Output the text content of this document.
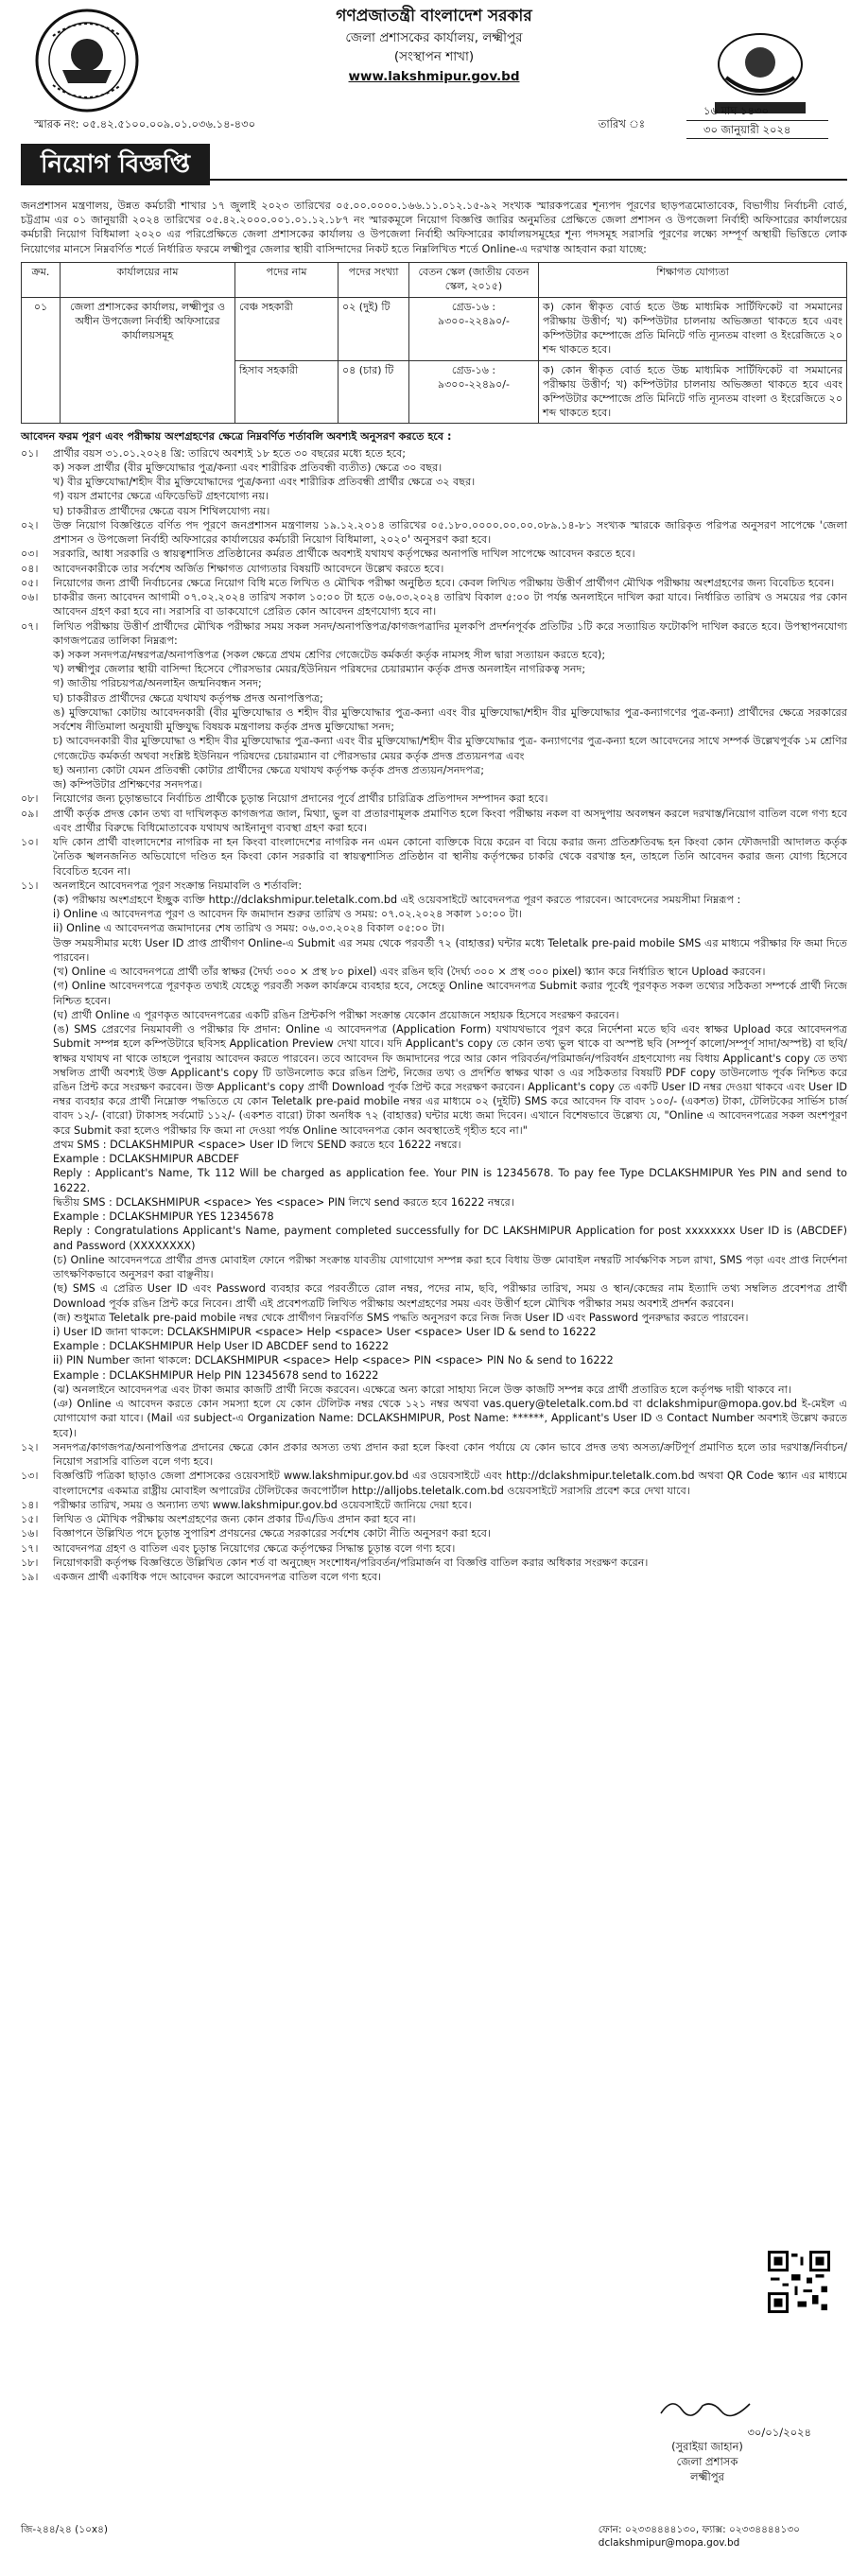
গণপ্রজাতন্ত্রী বাংলাদেশ সরকার
জেলা প্রশাসকের কার্যালয়, লক্ষ্মীপুর
(সংস্থাপন শাখা)
www.lakshmipur.gov.bd
স্মারক নং: ০৫.৪২.৫১০০.০০৯.০১.০৩৬.১৪-৪৩০	তারিখ ঃ
১৬ মাঘ ১৪৩০
৩০ জানুয়ারী ২০২৪
নিয়োগ বিজ্ঞপ্তি
জনপ্রশাসন মন্ত্রণালয়, উন্নত কর্মচারী শাখার ১৭ জুলাই ২০২৩ তারিখের ০৫.০০.০০০০.১৬৬.১১.০১২.১৫-৯২ সংখ্যক স্মারকপত্রের শূন্যপদ পূরণের ছাড়পত্রমোতাবেক, বিভাগীয় নির্বাচনী বোর্ড, চট্টগ্রাম এর ০১ জানুয়ারী ২০২৪ তারিখের ০৫.৪২.২০০০.০০১.০১.১২.১৮৭ নং স্মারকমূলে নিয়োগ বিজ্ঞপ্তি জারির অনুমতির প্রেক্ষিতে জেলা প্রশাসন ও উপজেলা নির্বাহী অফিসারের কার্যালয়ের কর্মচারী নিয়োগ বিধিমালা ২০২০ এর পরিপ্রেক্ষিতে জেলা প্রশাসকের কার্যালয় ও উপজেলা নির্বাহী অফিসারের কার্যালয়সমূহের শূন্য পদসমূহ সরাসরি পূরণের লক্ষ্যে সম্পূর্ণ অস্থায়ী ভিত্তিতে লোক নিয়োগের মানসে নিম্নবর্ণিত শর্তে নির্ধারিত ফরমে লক্ষ্মীপুর জেলার স্থায়ী বাসিন্দাদের নিকট হতে নিম্নলিখিত শর্তে Online-এ দরখাস্ত আহবান করা যাচ্ছে:
ক্রম.	কার্যালয়ের নাম	পদের নাম	পদের সংখ্যা	বেতন স্কেল (জাতীয় বেতন স্কেল, ২০১৫)	শিক্ষাগত যোগ্যতা
০১	জেলা প্রশাসকের কার্যালয়, লক্ষ্মীপুর ও অধীন উপজেলা নির্বাহী অফিসারের কার্যালয়সমূহ	বেঞ্চ সহকারী	০২ (দুই) টি	গ্রেড-১৬ :
৯৩০০-২২৪৯০/-	ক) কোন স্বীকৃত বোর্ড হতে উচ্চ মাধ্যমিক সার্টিফিকেট বা সমমানের পরীক্ষায় উত্তীর্ণ; খ) কম্পিউটার চালনায় অভিজ্ঞতা থাকতে হবে এবং কম্পিউটার কম্পোজে প্রতি মিনিটে গতি ন্যূনতম বাংলা ও ইংরেজিতে ২০ শব্দ থাকতে হবে।
		হিসাব সহকারী	০৪ (চার) টি	গ্রেড-১৬ :
৯৩০০-২২৪৯০/-	ক) কোন স্বীকৃত বোর্ড হতে উচ্চ মাধ্যমিক সার্টিফিকেট বা সমমানের পরীক্ষায় উত্তীর্ণ; খ) কম্পিউটার চালনায় অভিজ্ঞতা থাকতে হবে এবং কম্পিউটার কম্পোজে প্রতি মিনিটে গতি ন্যূনতম বাংলা ও ইংরেজিতে ২০ শব্দ থাকতে হবে।
আবেদন ফরম পূরণ এবং পরীক্ষায় অংশগ্রহণের ক্ষেত্রে নিম্নবর্ণিত শর্তাবলি অবশ্যই অনুসরণ করতে হবে :
০১।	প্রার্থীর বয়স ৩১.০১.২০২৪ খ্রি: তারিখে অবশ্যই ১৮ হতে ৩০ বছরের মধ্যে হতে হবে;
ক) সকল প্রার্থীর (বীর মুক্তিযোদ্ধার পুত্র/কন্যা এবং শারীরিক প্রতিবন্ধী ব্যতীত) ক্ষেত্রে ৩০ বছর।
খ) বীর মুক্তিযোদ্ধা/শহীদ বীর মুক্তিযোদ্ধাদের পুত্র/কন্যা এবং শারীরিক প্রতিবন্ধী প্রার্থীর ক্ষেত্রে ৩২ বছর।
গ) বয়স প্রমাণের ক্ষেত্রে এফিডেভিট গ্রহণযোগ্য নয়।
ঘ) চাকরীরত প্রার্থীদের ক্ষেত্রে বয়স শিথিলযোগ্য নয়।
০২।	উক্ত নিয়োগ বিজ্ঞপ্তিতে বর্ণিত পদ পূরণে জনপ্রশাসন মন্ত্রণালয় ১৯.১২.২০১৪ তারিখের ০৫.১৮০.০০০০.০০.০০.০৮৯.১৪-৮১ সংখ্যক স্মারকে জারিকৃত পরিপত্র অনুসরণ সাপেক্ষে 'জেলা প্রশাসন ও উপজেলা নির্বাহী অফিসারের কার্যালয়ের কর্মচারী নিয়োগ বিধিমালা, ২০২০' অনুসরণ করা হবে।
০৩।	সরকারি, আধা সরকারি ও স্বায়ত্বশাসিত প্রতিষ্ঠানের কর্মরত প্রার্থীকে অবশ্যই যথাযথ কর্তৃপক্ষের অনাপত্তি দাখিল সাপেক্ষে আবেদন করতে হবে।
০৪।	আবেদনকারীকে তার সর্বশেষ অর্জিত শিক্ষাগত যোগ্যতার বিষয়টি আবেদনে উল্লেখ করতে হবে।
০৫।	নিয়োগের জন্য প্রার্থী নির্বাচনের ক্ষেত্রে নিয়োগ বিধি মতে লিখিত ও মৌখিক পরীক্ষা অনুষ্ঠিত হবে। কেবল লিখিত পরীক্ষায় উত্তীর্ণ প্রার্থীগণ মৌখিক পরীক্ষায় অংশগ্রহণের জন্য বিবেচিত হবেন।
০৬।	চাকরীর জন্য আবেদন আগামী ০৭.০২.২০২৪ তারিখ সকাল ১০:০০ টা হতে ০৬.০৩.২০২৪ তারিখ বিকাল ৫:০০ টা পর্যন্ত অনলাইনে দাখিল করা যাবে। নির্ধারিত তারিখ ও সময়ের পর কোন আবেদন গ্রহণ করা হবে না। সরাসরি বা ডাকযোগে প্রেরিত কোন আবেদন গ্রহণযোগ্য হবে না।
০৭।	লিখিত পরীক্ষায় উত্তীর্ণ প্রার্থীদের মৌখিক পরীক্ষার সময় সকল সনদ/অনাপত্তিপত্র/কাগজপত্রাদির মূলকপি প্রদর্শনপূর্বক প্রতিটির ১টি করে সত্যায়িত ফটোকপি দাখিল করতে হবে। উপস্থাপনযোগ্য কাগজপত্রের তালিকা নিম্নরূপ:
ক) সকল সনদপত্র/নম্বরপত্র/অনাপত্তিপত্র (সকল ক্ষেত্রে প্রথম শ্রেণির গেজেটেড কর্মকর্তা কর্তৃক নামসহ সীল দ্বারা সত্যায়ন করতে হবে);
খ) লক্ষ্মীপুর জেলার স্থায়ী বাসিন্দা হিসেবে পৌরসভার মেয়র/ইউনিয়ন পরিষদের চেয়ারম্যান কর্তৃক প্রদত্ত অনলাইন নাগরিকত্ব সনদ;
গ) জাতীয় পরিচয়পত্র/অনলাইন জন্মনিবন্ধন সনদ;
ঘ) চাকরীরত প্রার্থীদের ক্ষেত্রে যথাযথ কর্তৃপক্ষ প্রদত্ত অনাপত্তিপত্র;
ঙ) মুক্তিযোদ্ধা কোটায় আবেদনকারী (বীর মুক্তিযোদ্ধার ও শহীদ বীর মুক্তিযোদ্ধার পুত্র-কন্যা এবং বীর মুক্তিযোদ্ধা/শহীদ বীর মুক্তিযোদ্ধার পুত্র-কন্যাগণের পুত্র-কন্যা) প্রার্থীদের ক্ষেত্রে সরকারের সর্বশেষ নীতিমালা অনুযায়ী মুক্তিযুদ্ধ বিষয়ক মন্ত্রণালয় কর্তৃক প্রদত্ত মুক্তিযোদ্ধা সনদ;
চ) আবেদনকারী বীর মুক্তিযোদ্ধা ও শহীদ বীর মুক্তিযোদ্ধার পুত্র-কন্যা এবং বীর মুক্তিযোদ্ধা/শহীদ বীর মুক্তিযোদ্ধার পুত্র- কন্যাগণের পুত্র-কন্যা হলে আবেদনের সাথে সম্পর্ক উল্লেখপূর্বক ১ম শ্রেণির গেজেটেড কর্মকর্তা অথবা সংশ্লিষ্ট ইউনিয়ন পরিষদের চেয়ারম্যান বা পৌরসভার মেয়র কর্তৃক প্রদত্ত প্রত্যয়নপত্র এবং
ছ) অন্যান্য কোটা যেমন প্রতিবন্ধী কোটার প্রার্থীদের ক্ষেত্রে যথাযথ কর্তৃপক্ষ কর্তৃক প্রদত্ত প্রত্যয়ন/সনদপত্র;
জ) কম্পিউটার প্রশিক্ষণের সনদপত্র।
০৮।	নিয়োগের জন্য চূড়ান্তভাবে নির্বাচিত প্রার্থীকে চূড়ান্ত নিয়োগ প্রদানের পূর্বে প্রার্থীর চারিত্রিক প্রতিপাদন সম্পাদন করা হবে।
০৯।	প্রার্থী কর্তৃক প্রদত্ত কোন তথ্য বা দাখিলকৃত কাগজপত্র জাল, মিথ্যা, ভুল বা প্রতারণামূলক প্রমাণিত হলে কিংবা পরীক্ষায় নকল বা অসদুপায় অবলম্বন করলে দরখাস্ত/নিয়োগ বাতিল বলে গণ্য হবে এবং প্রার্থীর বিরুদ্ধে বিধিমোতাবেক যথাযথ আইনানুগ ব্যবস্থা গ্রহণ করা হবে।
১০।	যদি কোন প্রার্থী বাংলাদেশের নাগরিক না হন কিংবা বাংলাদেশের নাগরিক নন এমন কোনো ব্যক্তিকে বিয়ে করেন বা বিয়ে করার জন্য প্রতিশ্রুতিবদ্ধ হন কিংবা কোন ফৌজদারী আদালত কর্তৃক নৈতিক স্খলনজনিত অভিযোগে দণ্ডিত হন কিংবা কোন সরকারি বা স্বায়ত্বশাসিত প্রতিষ্ঠান বা স্থানীয় কর্তৃপক্ষের চাকরি থেকে বরখাস্ত হন, তাহলে তিনি আবেদন করার জন্য যোগ্য হিসেবে বিবেচিত হবেন না।
১১।	অনলাইনে আবেদনপত্র পূরণ সংক্রান্ত নিয়মাবলি ও শর্তাবলি:
(ক) পরীক্ষায় অংশগ্রহণে ইচ্ছুক ব্যক্তি http://dclakshmipur.teletalk.com.bd এই ওয়েবসাইটে আবেদনপত্র পূরণ করতে পারবেন। আবেদনের সময়সীমা নিম্নরূপ :
i) Online এ আবেদনপত্র পূরণ ও আবেদন ফি জমাদান শুরুর তারিখ ও সময়: ০৭.০২.২০২৪ সকাল ১০:০০ টা।
ii) Online এ আবেদনপত্র জমাদানের শেষ তারিখ ও সময়: ০৬.০৩.২০২৪ বিকাল ০৫:০০ টা।
উক্ত সময়সীমার মধ্যে User ID প্রাপ্ত প্রার্থীগণ Online-এ Submit এর সময় থেকে পরবর্তী ৭২ (বাহাত্তর) ঘন্টার মধ্যে Teletalk pre-paid mobile SMS এর মাধ্যমে পরীক্ষার ফি জমা দিতে পারবেন।
(খ) Online এ আবেদনপত্রে প্রার্থী তাঁর স্বাক্ষর (দৈর্ঘ্য ৩০০ × প্রস্থ ৮০ pixel) এবং রঙিন ছবি (দৈর্ঘ্য ৩০০ × প্রস্থ ৩০০ pixel) স্ক্যান করে নির্ধারিত স্থানে Upload করবেন।
(গ) Online আবেদনপত্রে পূরণকৃত তথ্যই যেহেতু পরবর্তী সকল কার্যক্রমে ব্যবহার হবে, সেহেতু Online আবেদনপত্র Submit করার পূর্বেই পূরণকৃত সকল তথ্যের সঠিকতা সম্পর্কে প্রার্থী নিজে নিশ্চিত হবেন।
(ঘ) প্রার্থী Online এ পূরণকৃত আবেদনপত্রের একটি রঙিন প্রিন্টকপি পরীক্ষা সংক্রান্ত যেকোন প্রয়োজনে সহায়ক হিসেবে সংরক্ষণ করবেন।
(ঙ) SMS প্রেরণের নিয়মাবলী ও পরীক্ষার ফি প্রদান: Online এ আবেদনপত্র (Application Form) যথাযথভাবে পূরণ করে নির্দেশনা মতে ছবি এবং স্বাক্ষর Upload করে আবেদনপত্র Submit সম্পন্ন হলে কম্পিউটারে ছবিসহ Application Preview দেখা যাবে। যদি Applicant's copy তে কোন তথ্য ভুল থাকে বা অস্পষ্ট ছবি (সম্পূর্ণ কালো/সম্পূর্ণ সাদা/অস্পষ্ট) বা ছবি/স্বাক্ষর যথাযথ না থাকে তাহলে পুনরায় আবেদন করতে পারবেন। তবে আবেদন ফি জমাদানের পরে আর কোন পরিবর্তন/পরিমার্জন/পরিবর্ধন গ্রহণযোগ্য নয় বিধায় Applicant's copy তে তথ্য সম্বলিত প্রার্থী অবশ্যই উক্ত Applicant's copy টি ডাউনলোড করে রঙিন প্রিন্ট, নিজের তথ্য ও প্রদর্শিত স্বাক্ষর থাকা ও এর সঠিকতার বিষয়টি PDF copy ডাউনলোড পূর্বক নিশ্চিত করে রঙিন প্রিন্ট করে সংরক্ষণ করবেন। উক্ত Applicant's copy প্রার্থী Download পূর্বক প্রিন্ট করে সংরক্ষণ করবেন। Applicant's copy তে একটি User ID নম্বর দেওয়া থাকবে এবং User ID নম্বর ব্যবহার করে প্রার্থী নিম্নোক্ত পদ্ধতিতে যে কোন Teletalk pre-paid mobile নম্বর এর মাধ্যমে ০২ (দুইটি) SMS করে আবেদন ফি বাবদ ১০০/- (একশত) টাকা, টেলিটকের সার্ভিস চার্জ বাবদ ১২/- (বারো) টাকাসহ সর্বমোট ১১২/- (একশত বারো) টাকা অনধিক ৭২ (বাহাত্তর) ঘন্টার মধ্যে জমা দিবেন। এখানে বিশেষভাবে উল্লেখ্য যে, "Online এ আবেদনপত্রের সকল অংশপূরণ করে Submit করা হলেও পরীক্ষার ফি জমা না দেওয়া পর্যন্ত Online আবেদনপত্র কোন অবস্থাতেই গৃহীত হবে না।"
প্রথম SMS : DCLAKSHMIPUR <space> User ID লিখে SEND করতে হবে 16222 নম্বরে।
Example : DCLAKSHMIPUR ABCDEF
Reply : Applicant's Name, Tk 112 Will be charged as application fee. Your PIN is 12345678. To pay fee Type DCLAKSHMIPUR Yes PIN and send to 16222.
দ্বিতীয় SMS : DCLAKSHMIPUR <space> Yes <space> PIN লিখে send করতে হবে 16222 নম্বরে।
Example : DCLAKSHMIPUR YES 12345678
Reply : Congratulations Applicant's Name, payment completed successfully for DC LAKSHMIPUR Application for post xxxxxxxx User ID is (ABCDEF) and Password (XXXXXXXX)
(চ) Online আবেদনপত্রে প্রার্থীর প্রদত্ত মোবাইল ফোনে পরীক্ষা সংক্রান্ত যাবতীয় যোগাযোগ সম্পন্ন করা হবে বিধায় উক্ত মোবাইল নম্বরটি সার্বক্ষণিক সচল রাখা, SMS পড়া এবং প্রাপ্ত নির্দেশনা তাৎক্ষণিকভাবে অনুসরণ করা বাঞ্ছনীয়।
(ছ) SMS এ প্রেরিত User ID এবং Password ব্যবহার করে পরবর্তীতে রোল নম্বর, পদের নাম, ছবি, পরীক্ষার তারিখ, সময় ও স্থান/কেন্দ্রের নাম ইত্যাদি তথ্য সম্বলিত প্রবেশপত্র প্রার্থী Download পূর্বক রঙিন প্রিন্ট করে নিবেন। প্রার্থী এই প্রবেশপত্রটি লিখিত পরীক্ষায় অংশগ্রহণের সময় এবং উত্তীর্ণ হলে মৌখিক পরীক্ষার সময় অবশ্যই প্রদর্শন করবেন।
(জ) শুধুমাত্র Teletalk pre-paid mobile নম্বর থেকে প্রার্থীগণ নিম্নবর্ণিত SMS পদ্ধতি অনুসরণ করে নিজ নিজ User ID এবং Password পুনরুদ্ধার করতে পারবেন।
i) User ID জানা থাকলে: DCLAKSHMIPUR <space> Help <space> User <space> User ID & send to 16222
Example : DCLAKSHMIPUR Help User ID ABCDEF send to 16222
ii) PIN Number জানা থাকলে: DCLAKSHMIPUR <space> Help <space> PIN <space> PIN No & send to 16222
Example : DCLAKSHMIPUR Help PIN 12345678 send to 16222
(ঝ) অনলাইনে আবেদনপত্র এবং টাকা জমার কাজটি প্রার্থী নিজে করবেন। এক্ষেত্রে অন্য কারো সাহায্য নিলে উক্ত কাজটি সম্পন্ন করে প্রার্থী প্রতারিত হলে কর্তৃপক্ষ দায়ী থাকবে না।
(ঞ) Online এ আবেদন করতে কোন সমস্যা হলে যে কোন টেলিটক নম্বর থেকে ১২১ নম্বর অথবা vas.query@teletalk.com.bd বা dclakshmipur@mopa.gov.bd ই-মেইল এ যোগাযোগ করা যাবে। (Mail এর subject-এ Organization Name: DCLAKSHMIPUR, Post Name: ******, Applicant's User ID ও Contact Number অবশ্যই উল্লেখ করতে হবে)।
১২।	সনদপত্র/কাগজপত্র/অনাপত্তিপত্র প্রদানের ক্ষেত্রে কোন প্রকার অসত্য তথ্য প্রদান করা হলে কিংবা কোন পর্যায়ে যে কোন ভাবে প্রদত্ত তথ্য অসত্য/ক্রটিপূর্ণ প্রমাণিত হলে তার দরখাস্ত/নির্বাচন/নিয়োগ সরাসরি বাতিল বলে গণ্য হবে।
১৩।	বিজ্ঞপ্তিটি পত্রিকা ছাড়াও জেলা প্রশাসকের ওয়েবসাইট www.lakshmipur.gov.bd এর ওয়েবসাইটে এবং http://dclakshmipur.teletalk.com.bd অথবা QR Code স্ক্যান এর মাধ্যমে বাংলাদেশের একমাত্র রাষ্ট্রীয় মোবাইল অপারেটর টেলিটকের জবপোর্টাল http://alljobs.teletalk.com.bd ওয়েবসাইটে সরাসরি প্রবেশ করে দেখা যাবে।
১৪।	পরীক্ষার তারিখ, সময় ও অন্যান্য তথ্য www.lakshmipur.gov.bd ওয়েবসাইটে জানিয়ে দেয়া হবে।
১৫।	লিখিত ও মৌখিক পরীক্ষায় অংশগ্রহণের জন্য কোন প্রকার টিএ/ডিএ প্রদান করা হবে না।
১৬।	বিজ্ঞাপনে উল্লিখিত পদে চূড়ান্ত সুপারিশ প্রণয়নের ক্ষেত্রে সরকারের সর্বশেষ কোটা নীতি অনুসরণ করা হবে।
১৭।	আবেদনপত্র গ্রহণ ও বাতিল এবং চূড়ান্ত নিয়োগের ক্ষেত্রে কর্তৃপক্ষের সিদ্ধান্ত চূড়ান্ত বলে গণ্য হবে।
১৮।	নিয়োগকারী কর্তৃপক্ষ বিজ্ঞপ্তিতে উল্লিখিত কোন শর্ত বা অনুচ্ছেদ সংশোধন/পরিবর্তন/পরিমার্জন বা বিজ্ঞপ্তি বাতিল করার অধিকার সংরক্ষণ করেন।
১৯।	একজন প্রার্থী একাধিক পদে আবেদন করলে আবেদনপত্র বাতিল বলে গণ্য হবে।
৩০/০১/২০২৪
(সুরাইয়া জাহান)
জেলা প্রশাসক
লক্ষ্মীপুর
জি-২৪৪/২৪ (১০x৪)	ফোন: ০২৩৩৪৪৪৪১৩০, ফ্যাক্স: ০২৩৩৪৪৪৪১৩০
dclakshmipur@mopa.gov.bd
